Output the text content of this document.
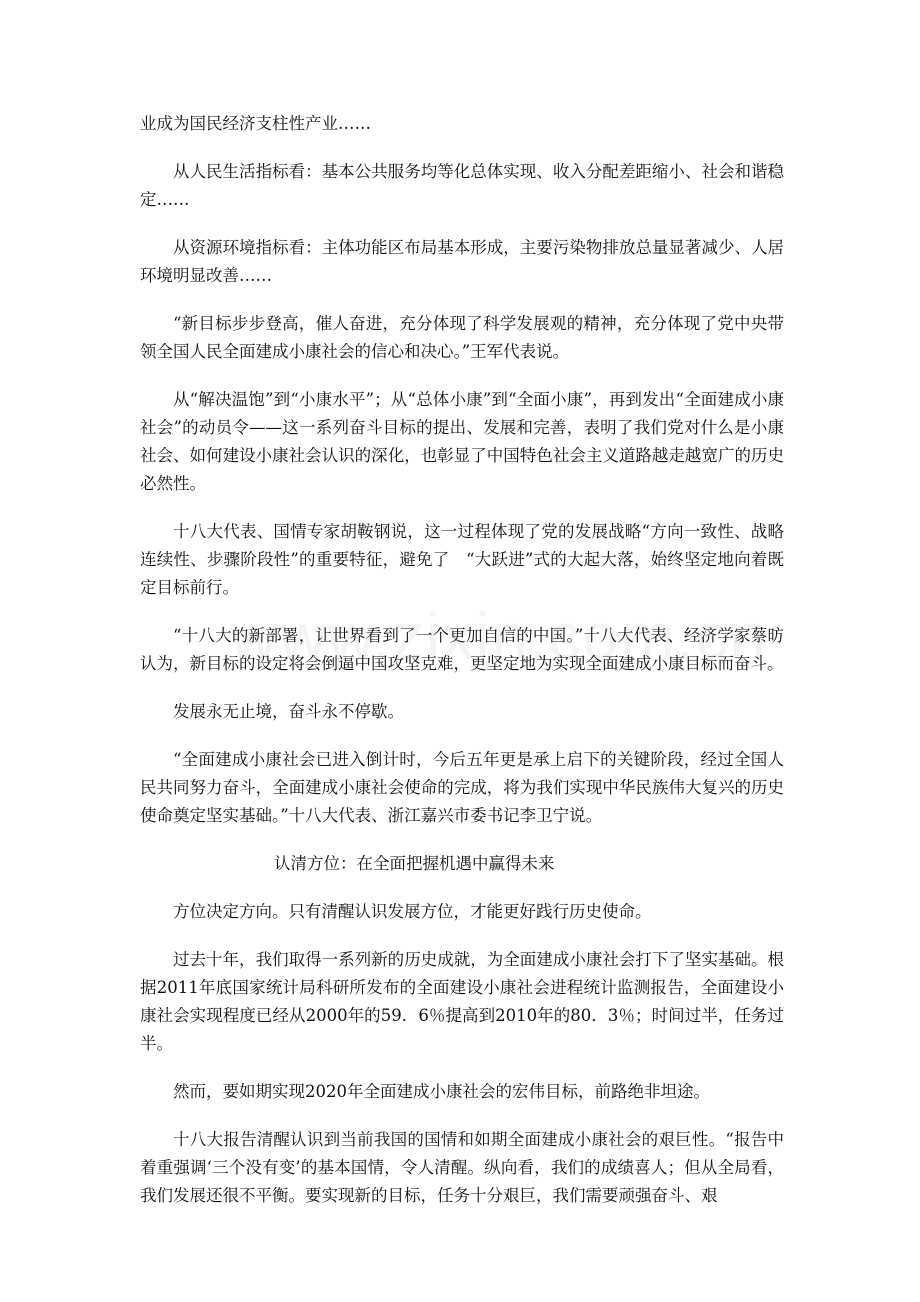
业成为国民经济支柱性产业……

从人民生活指标看：基本公共服务均等化总体实现、收入分配差距缩小、社会和谐稳定……

从资源环境指标看：主体功能区布局基本形成，主要污染物排放总量显著减少、人居环境明显改善……

“新目标步步登高，催人奋进，充分体现了科学发展观的精神，充分体现了党中央带领全国人民全面建成小康社会的信心和决心。”王军代表说。

从“解决温饱”到“小康水平”；从“总体小康”到“全面小康”，再到发出“全面建成小康社会”的动员令——这一系列奋斗目标的提出、发展和完善，表明了我们党对什么是小康社会、如何建设小康社会认识的深化，也彰显了中国特色社会主义道路越走越宽广的历史必然性。

十八大代表、国情专家胡鞍钢说，这一过程体现了党的发展战略“方向一致性、战略连续性、步骤阶段性”的重要特征，避免了　“大跃进”式的大起大落，始终坚定地向着既定目标前行。

“十八大的新部署，让世界看到了一个更加自信的中国。”十八大代表、经济学家蔡昉认为，新目标的设定将会倒逼中国攻坚克难，更坚定地为实现全面建成小康目标而奋斗。

发展永无止境，奋斗永不停歇。

“全面建成小康社会已进入倒计时，今后五年更是承上启下的关键阶段，经过全国人民共同努力奋斗，全面建成小康社会使命的完成，将为我们实现中华民族伟大复兴的历史使命奠定坚实基础。”十八大代表、浙江嘉兴市委书记李卫宁说。

认清方位：在全面把握机遇中赢得未来

方位决定方向。只有清醒认识发展方位，才能更好践行历史使命。

过去十年，我们取得一系列新的历史成就，为全面建成小康社会打下了坚实基础。根据2011年底国家统计局科研所发布的全面建设小康社会进程统计监测报告，全面建设小康社会实现程度已经从2000年的59．6％提高到2010年的80．3％；时间过半，任务过半。

然而，要如期实现2020年全面建成小康社会的宏伟目标，前路绝非坦途。

十八大报告清醒认识到当前我国的国情和如期全面建成小康社会的艰巨性。“报告中着重强调‘三个没有变’的基本国情，令人清醒。纵向看，我们的成绩喜人；但从全局看，我们发展还很不平衡。要实现新的目标，任务十分艰巨，我们需要顽强奋斗、艰
